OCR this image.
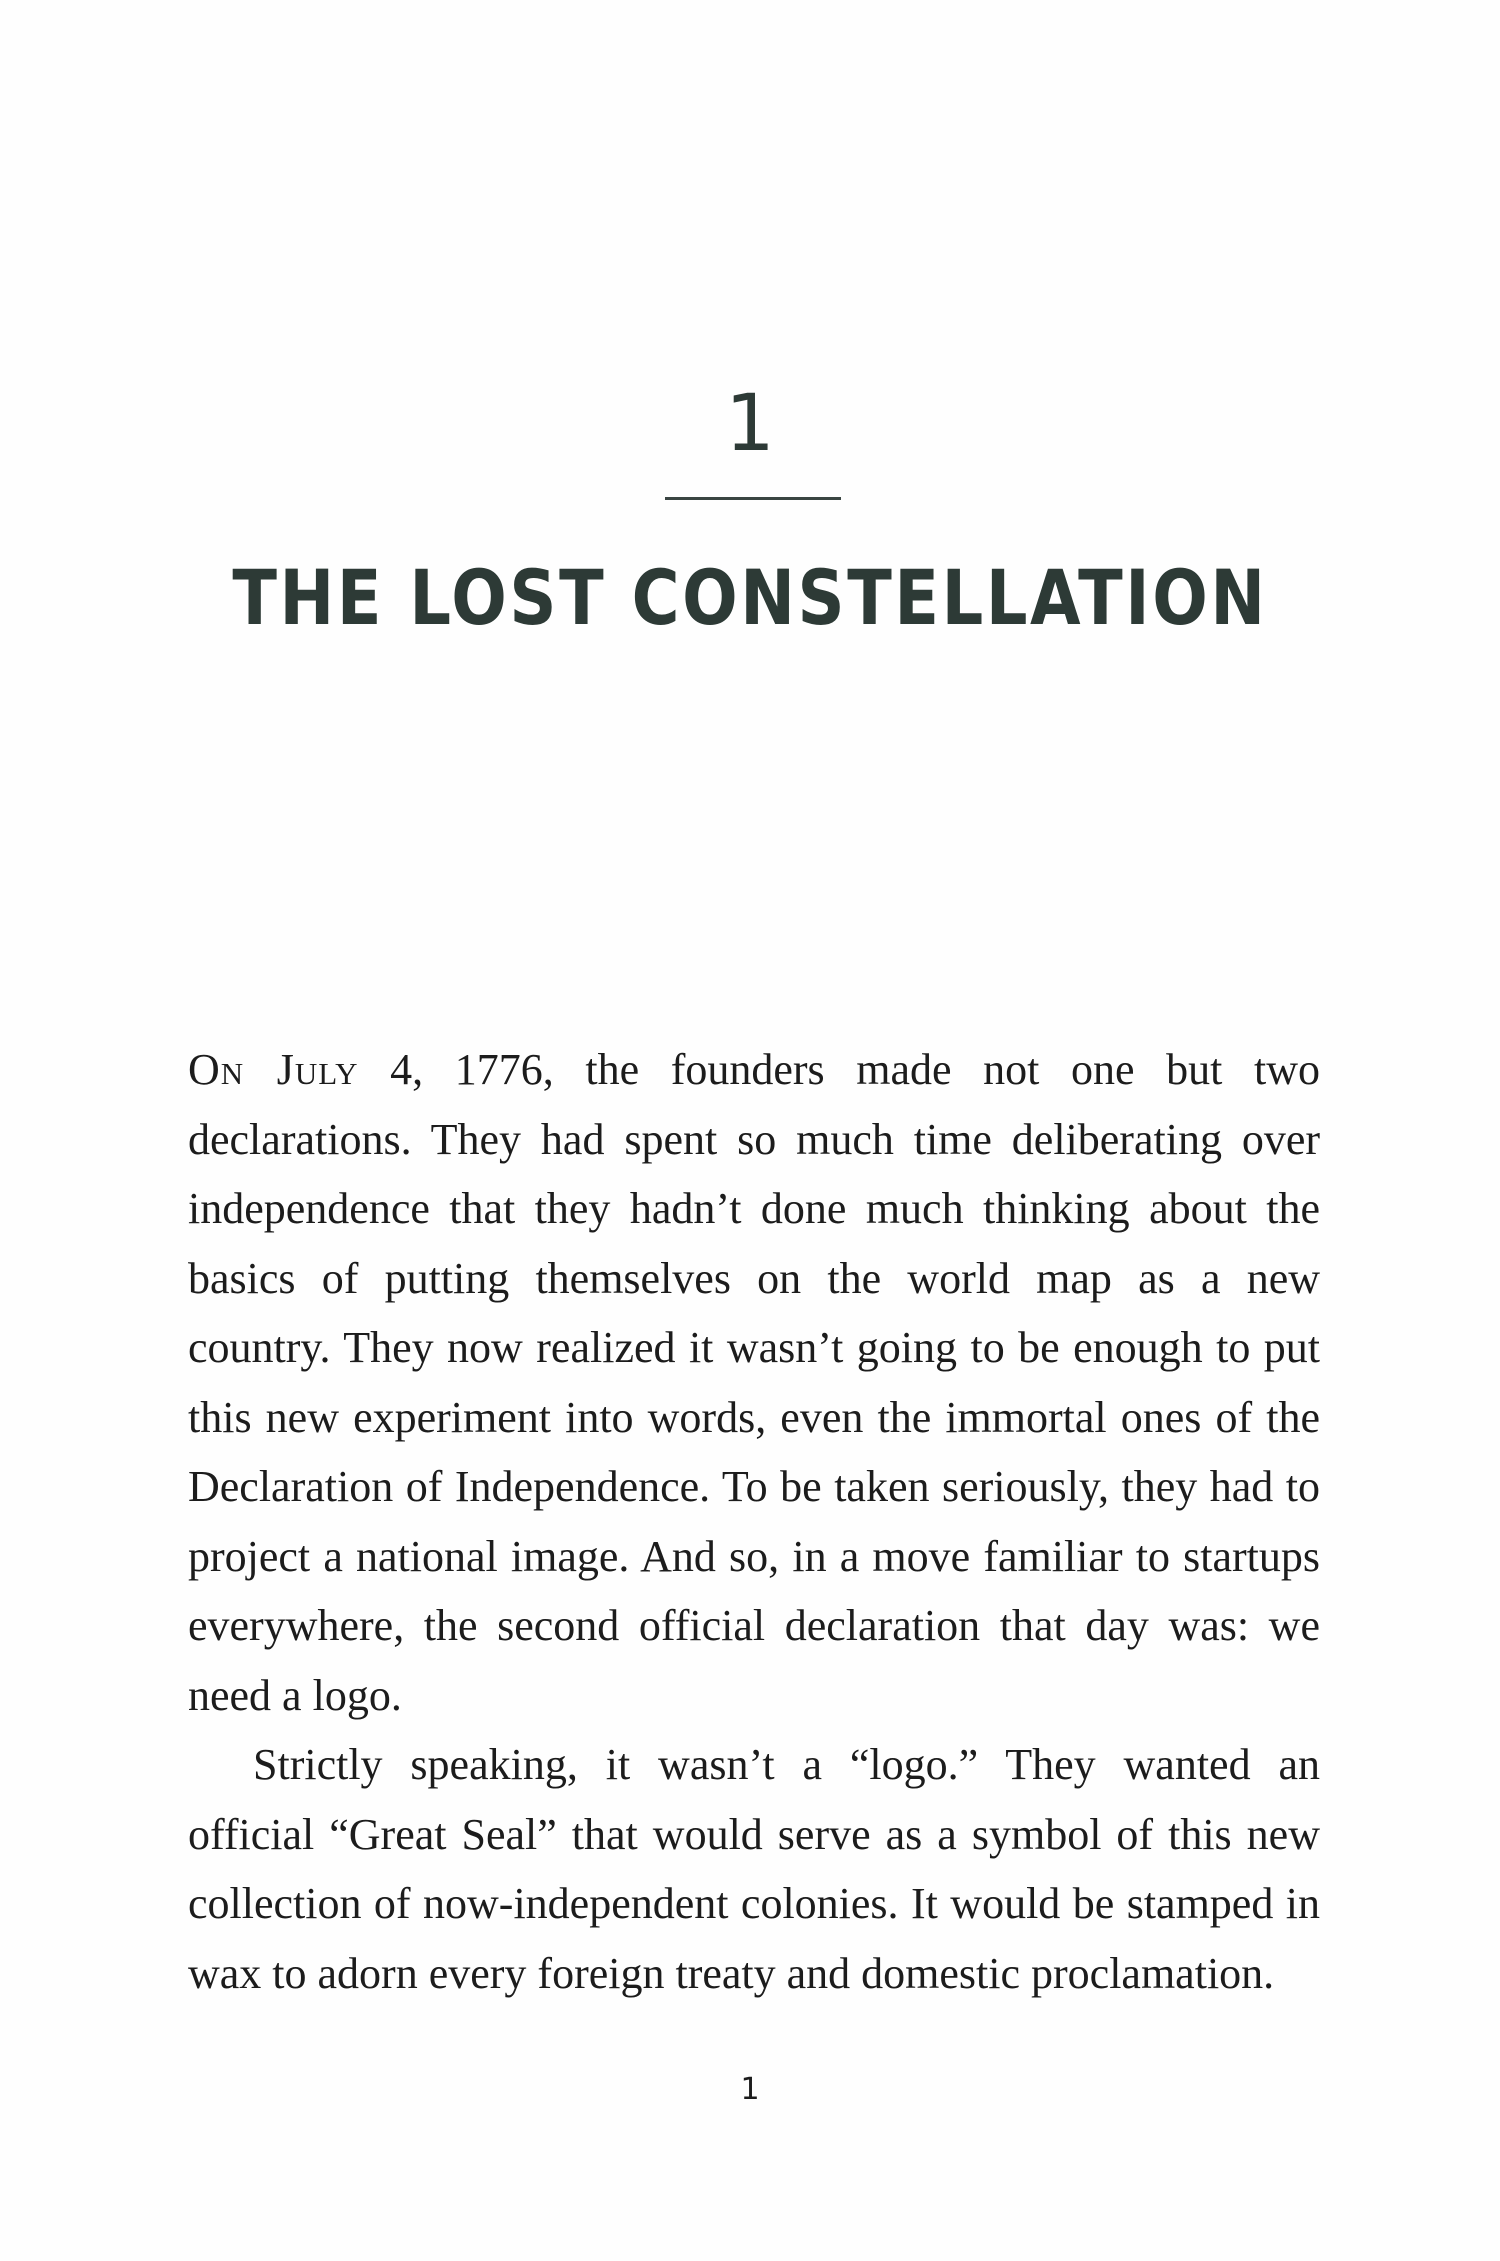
1
THE LOST CONSTELLATION

On July 4, 1776, the founders made not one but two declarations. They had spent so much time deliberating over independence that they hadn’t done much thinking about the basics of putting themselves on the world map as a new country. They now realized it wasn’t going to be enough to put this new experiment into words, even the immortal ones of the Declaration of Independence. To be taken seriously, they had to project a national image. And so, in a move familiar to startups everywhere, the second official declaration that day was: we need a logo.

Strictly speaking, it wasn’t a “logo.” They wanted an official “Great Seal” that would serve as a symbol of this new collection of now-independent colonies. It would be stamped in wax to adorn every foreign treaty and domestic proclamation.

1
